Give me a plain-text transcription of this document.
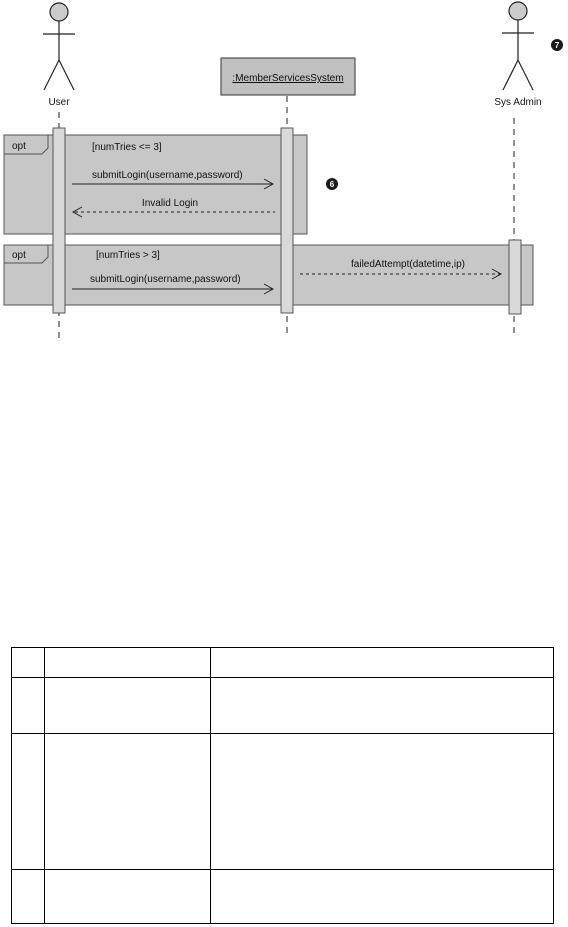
opt	[numTries <= 3]
opt	[numTries > 3]
User	Sys Admin
:MemberServicesSystem
submitLogin(username,password)
Invalid Login
submitLogin(username,password)
failedAttempt(datetime,ip)
7
6
